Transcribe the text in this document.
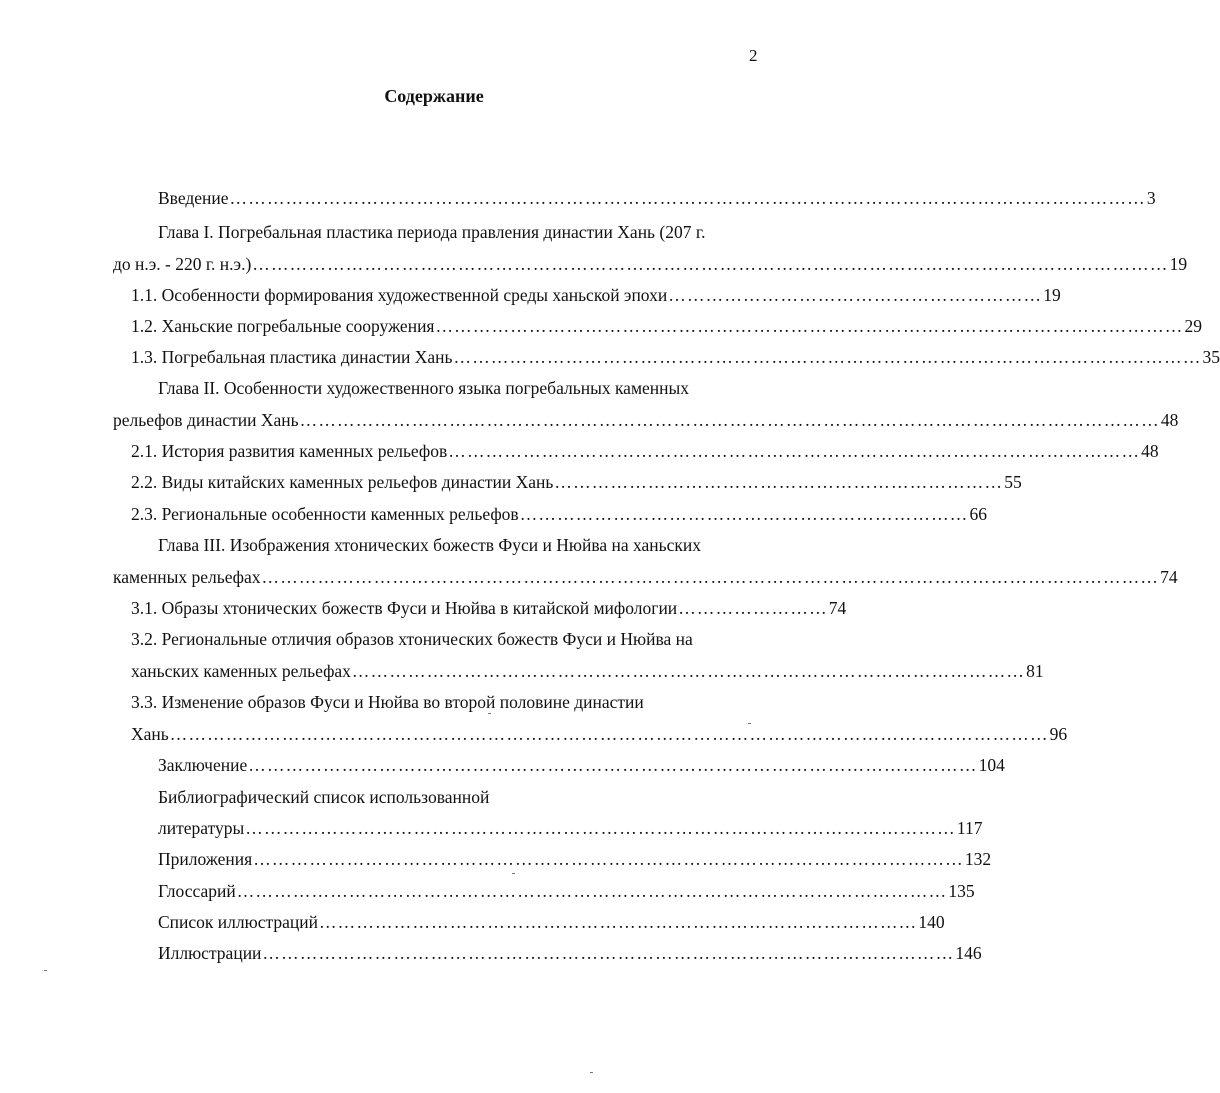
2
Содержание
Введение ………………………………………………………………………………………………………………………………… 3
Глава I. Погребальная пластика периода правления династии Хань (207 г.
до н.э. - 220 г. н.э.) ………………………………………………………………………………………………………………………………… 19
1.1. Особенности формирования художественной среды ханьской эпохи …………………………………………………… 19
1.2. Ханьские погребальные сооружения ………………………………………………………………………………………………………… 29
1.3. Погребальная пластика династии Хань ………………………………………………………………………………………………………… 35
Глава II. Особенности художественного языка погребальных каменных
рельефов династии Хань ………………………………………………………………………………………………………………………… 48
2.1. История развития каменных рельефов ………………………………………………………………………………………………… 48
2.2. Виды китайских каменных рельефов династии Хань ……………………………………………………………… 55
2.3. Региональные особенности каменных рельефов ……………………………………………………………… 66
Глава III. Изображения хтонических божеств Фуси и Нюйва на ханьских
каменных рельефах ……………………………………………………………………………………………………………………………… 74
3.1. Образы хтонических божеств Фуси и Нюйва в китайской мифологии …………………… 74
3.2. Региональные отличия образов хтонических божеств Фуси и Нюйва на
ханьских каменных рельефах ……………………………………………………………………………………………… 81
3.3. Изменение образов Фуси и Нюйва во второй половине династии
Хань …………………………………………………………………………………………………………………………… 96
Заключение ……………………………………………………………………………………………………… 104
Библиографический список использованной
литературы …………………………………………………………………………………………………… 117
Приложения …………………………………………………………………………………………………… 132
Глоссарий …………………………………………………………………………………………………… 135
Список иллюстраций …………………………………………………………………………………… 140
Иллюстрации ………………………………………………………………………………………………… 146
